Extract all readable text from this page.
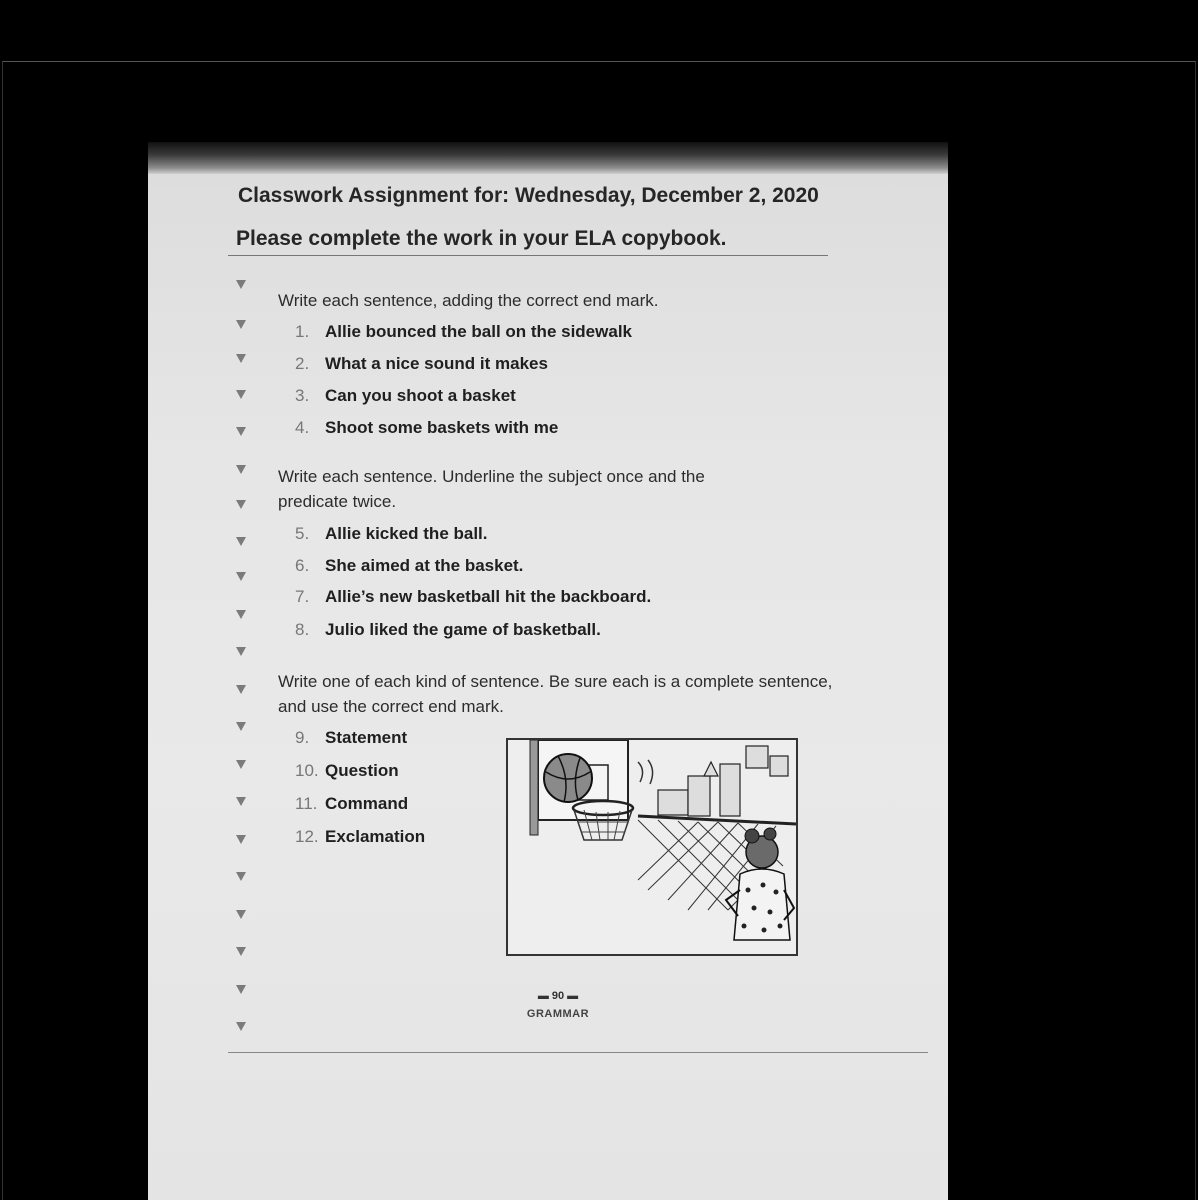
Classwork Assignment for: Wednesday, December 2, 2020
Please complete the work in your ELA copybook.
Write each sentence, adding the correct end mark.
1. Allie bounced the ball on the sidewalk
2. What a nice sound it makes
3. Can you shoot a basket
4. Shoot some baskets with me
Write each sentence. Underline the subject once and the predicate twice.
5. Allie kicked the ball.
6. She aimed at the basket.
7. Allie’s new basketball hit the backboard.
8. Julio liked the game of basketball.
Write one of each kind of sentence. Be sure each is a complete sentence, and use the correct end mark.
9. Statement
10. Question
11. Command
12. Exclamation
▬ 90 ▬
GRAMMAR
